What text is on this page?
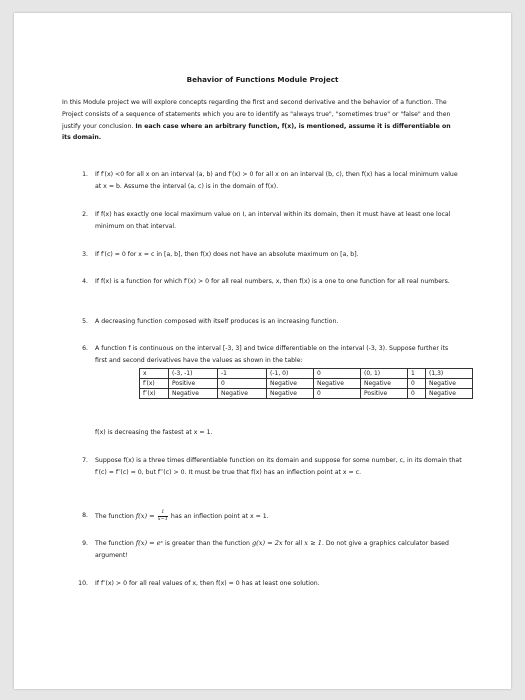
Behavior of Functions Module Project
In this Module project we will explore concepts regarding the first and second derivative and the behavior of a function. The Project consists of a sequence of statements which you are to identify as "always true", "sometimes true" or "false" and then justify your conclusion. In each case where an arbitrary function, f(x), is mentioned, assume it is differentiable on its domain.
1. If f′(x) <0 for all x on an interval (a, b) and f′(x) > 0 for all x on an interval (b, c), then f(x) has a local minimum value at x = b. Assume the interval (a, c) is in the domain of f(x).
2. If f(x) has exactly one local maximum value on I, an interval within its domain, then it must have at least one local minimum on that interval.
3. If f′(c) = 0 for x = c in [a, b], then f(x) does not have an absolute maximum on [a, b].
4. If f(x) is a function for which f′(x) > 0 for all real numbers, x, then f(x) is a one to one function for all real numbers.
5. A decreasing function composed with itself produces is an increasing function.
6. A function f is continuous on the interval [-3, 3] and twice differentiable on the interval (-3, 3). Suppose further its first and second derivatives have the values as shown in the table:
x	(-3, -1)	-1	(-1, 0)	0	(0, 1)	1	(1,3)
f′(x)	Positive	0	Negative	Negative	Negative	0	Negative
f″(x)	Negative	Negative	Negative	0	Positive	0	Negative
f(x) is decreasing the fastest at x = 1.
7. Suppose f(x) is a three times differentiable function on its domain and suppose for some number, c, in its domain that f′(c) = f″(c) = 0, but f‴(c) > 0. It must be true that f(x) has an inflection point at x = c.
8. The function $f(x) = \frac{1}{x-1}$ has an inflection point at x = 1.
9. The function f(x) = eˣ is greater than the function g(x) = 2x for all x ≥ 1. Do not give a graphics calculator based argument!
10. If f″(x) > 0 for all real values of x, then f(x) = 0 has at least one solution.
